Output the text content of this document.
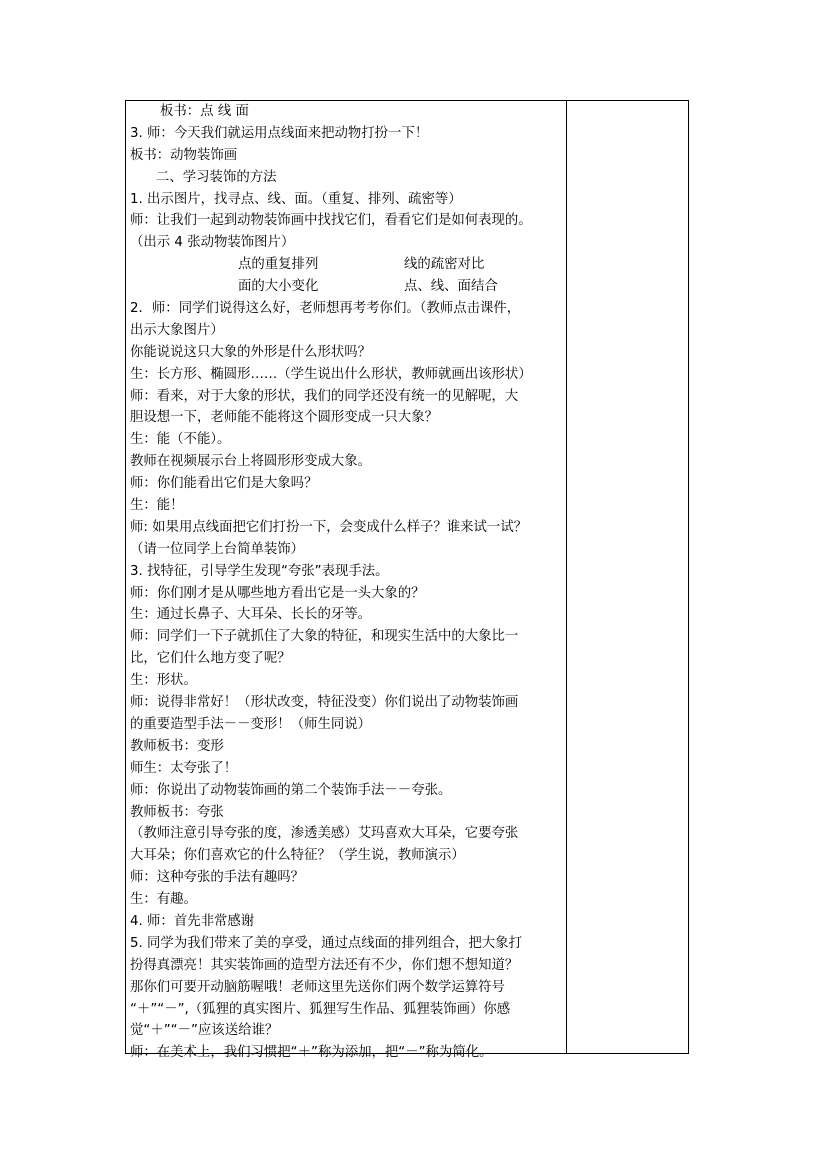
板书：点 线 面
3. 师：今天我们就运用点线面来把动物打扮一下！
板书：动物装饰画
二、学习装饰的方法
1. 出示图片，找寻点、线、面。（重复、排列、疏密等）
师：让我们一起到动物装饰画中找找它们，看看它们是如何表现的。
（出示 4 张动物装饰图片）
点的重复排列	线的疏密对比
面的大小变化	点、线、面结合
2．师：同学们说得这么好，老师想再考考你们。（教师点击课件，
出示大象图片）
你能说说这只大象的外形是什么形状吗？
生：长方形、椭圆形……（学生说出什么形状，教师就画出该形状）
师：看来，对于大象的形状，我们的同学还没有统一的见解呢，大
胆设想一下，老师能不能将这个圆形变成一只大象？
生：能（不能）。
教师在视频展示台上将圆形形变成大象。
师：你们能看出它们是大象吗？
生：能！
师: 如果用点线面把它们打扮一下，会变成什么样子？谁来试一试？
（请一位同学上台简单装饰）
3. 找特征，引导学生发现“夸张”表现手法。
师：你们刚才是从哪些地方看出它是一头大象的？
生：通过长鼻子、大耳朵、长长的牙等。
师：同学们一下子就抓住了大象的特征，和现实生活中的大象比一
比，它们什么地方变了呢？
生：形状。
师：说得非常好！（形状改变，特征没变）你们说出了动物装饰画
的重要造型手法－－变形！（师生同说）
教师板书：变形
师生：太夸张了！
师：你说出了动物装饰画的第二个装饰手法－－夸张。
教师板书：夸张
（教师注意引导夸张的度，渗透美感）艾玛喜欢大耳朵，它要夸张
大耳朵；你们喜欢它的什么特征？（学生说，教师演示）
师：这种夸张的手法有趣吗？
生：有趣。
4. 师：首先非常感谢
5. 同学为我们带来了美的享受，通过点线面的排列组合，把大象打
扮得真漂亮！其实装饰画的造型方法还有不少，你们想不想知道？
那你们可要开动脑筋喔哦！老师这里先送你们两个数学运算符号
“＋”“－”,（狐狸的真实图片、狐狸写生作品、狐狸装饰画）你感
觉“＋”“－”应该送给谁？
师：在美术上，我们习惯把“＋”称为添加，把“－”称为简化。
